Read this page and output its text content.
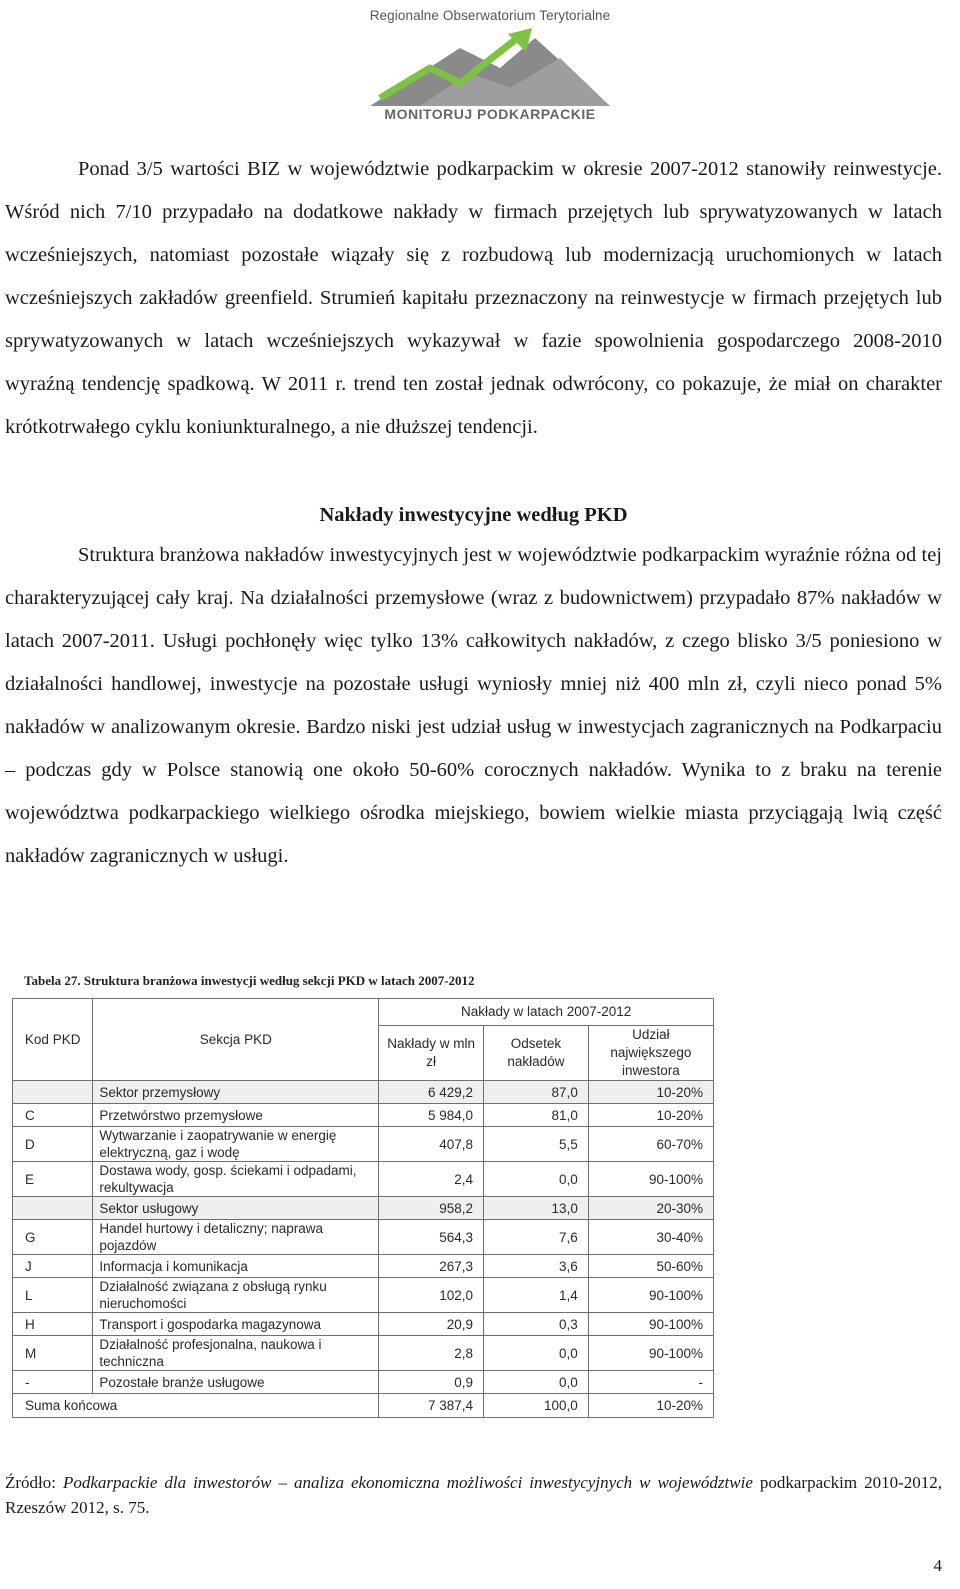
Regionalne Obserwatorium Terytorialne
MONITORUJ PODKARPACKIE
Ponad 3/5 wartości BIZ w województwie podkarpackim w okresie 2007-2012 stanowiły reinwestycje. Wśród nich 7/10 przypadało na dodatkowe nakłady w firmach przejętych lub sprywatyzowanych w latach wcześniejszych, natomiast pozostałe wiązały się z rozbudową lub modernizacją uruchomionych w latach wcześniejszych zakładów greenfield. Strumień kapitału przeznaczony na reinwestycje w firmach przejętych lub sprywatyzowanych w latach wcześniejszych wykazywał w fazie spowolnienia gospodarczego 2008-2010 wyraźną tendencję spadkową. W 2011 r. trend ten został jednak odwrócony, co pokazuje, że miał on charakter krótkotrwałego cyklu koniunkturalnego, a nie dłuższej tendencji.
Nakłady inwestycyjne według PKD
Struktura branżowa nakładów inwestycyjnych jest w województwie podkarpackim wyraźnie różna od tej charakteryzującej cały kraj. Na działalności przemysłowe (wraz z budownictwem) przypadało 87% nakładów w latach 2007-2011. Usługi pochłonęły więc tylko 13% całkowitych nakładów, z czego blisko 3/5 poniesiono w działalności handlowej, inwestycje na pozostałe usługi wyniosły mniej niż 400 mln zł, czyli nieco ponad 5% nakładów w analizowanym okresie. Bardzo niski jest udział usług w inwestycjach zagranicznych na Podkarpaciu – podczas gdy w Polsce stanowią one około 50-60% corocznych nakładów. Wynika to z braku na terenie województwa podkarpackiego wielkiego ośrodka miejskiego, bowiem wielkie miasta przyciągają lwią część nakładów zagranicznych w usługi.
Tabela 27. Struktura branżowa inwestycji według sekcji PKD w latach 2007-2012
Kod PKD	Sekcja PKD	Nakłady w latach 2007-2012		
		Nakłady w mln zł	Odsetek nakładów	Udział największego inwestora
	Sektor przemysłowy	6 429,2	87,0	10-20%
C	Przetwórstwo przemysłowe	5 984,0	81,0	10-20%
D	Wytwarzanie i zaopatrywanie w energię elektryczną, gaz i wodę	407,8	5,5	60-70%
E	Dostawa wody, gosp. ściekami i odpadami, rekultywacja	2,4	0,0	90-100%
	Sektor usługowy	958,2	13,0	20-30%
G	Handel hurtowy i detaliczny; naprawa pojazdów	564,3	7,6	30-40%
J	Informacja i komunikacja	267,3	3,6	50-60%
L	Działalność związana z obsługą rynku nieruchomości	102,0	1,4	90-100%
H	Transport i gospodarka magazynowa	20,9	0,3	90-100%
M	Działalność profesjonalna, naukowa i techniczna	2,8	0,0	90-100%
-	Pozostałe branże usługowe	0,9	0,0	-
Suma końcowa		7 387,4	100,0	10-20%
Źródło: Podkarpackie dla inwestorów – analiza ekonomiczna możliwości inwestycyjnych w województwie podkarpackim 2010-2012, Rzeszów 2012, s. 75.
4
